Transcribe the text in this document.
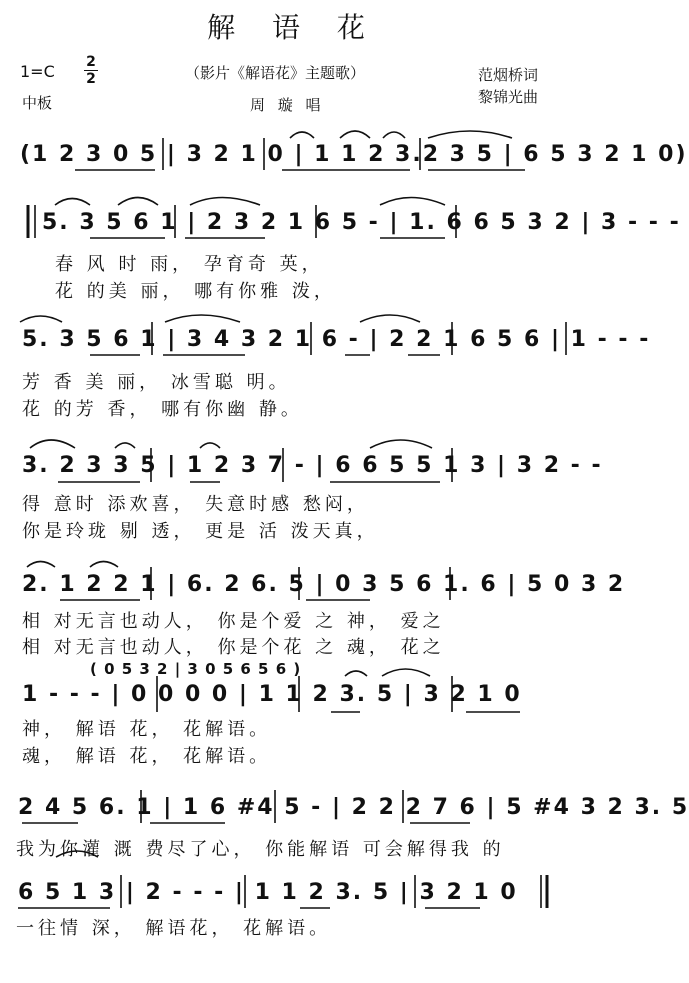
解 语 花
1=C 2
2	（影片《解语花》主题歌）	范烟桥词
中板	周 璇 唱	黎锦光曲
(1 2 3 0 5 | 3 2 1 0 | 1 1 2 3.2 3 5 | 6 5 3 2 1 0)
5. 3 5 6 1 | 2 3 2 1 6 5 - | 1. 6 6 5 3 2 | 3 - - -
春 风 时 雨， 孕育奇 英，
花 的美 丽， 哪有你雅 泼，
5. 3 5 6 1 | 3 4 3 2 1 6 - | 2 2 1 6 5 6 | 1 - - -
芳 香 美 丽， 冰雪聪 明。
花 的芳 香， 哪有你幽 静。
3. 2 3 3 5 | 1 2 3 7 - | 6 6 5 5 1 3 | 3 2 - -
得 意时 添欢喜， 失意时感 愁闷，
你是玲珑 剔 透， 更是 活 泼天真，
2. 1 2 2 1 | 6. 2 6. 5 | 0 3 5 6 1. 6 | 5 0 3 2
相 对无言也动人， 你是个爱 之 神， 爱之
相 对无言也动人， 你是个花 之 魂， 花之
( 0 5 3 2 | 3 0 5 6 5 6 )
1 - - - | 0 0 0 0 | 1 1 2 3. 5 | 3 2 1 0
神， 解语 花， 花解语。
魂， 解语 花， 花解语。
2 4 5 6. 1 | 1 6 #4 5 - | 2 2 2 7 6 | 5 #4 3 2 3. 5
我为你灌 溉 费尽了心， 你能解语 可会解得我 的
6 5 1 3 | 2 - - - | 1 1 2 3. 5 | 3 2 1 0
一往情 深， 解语花， 花解语。
